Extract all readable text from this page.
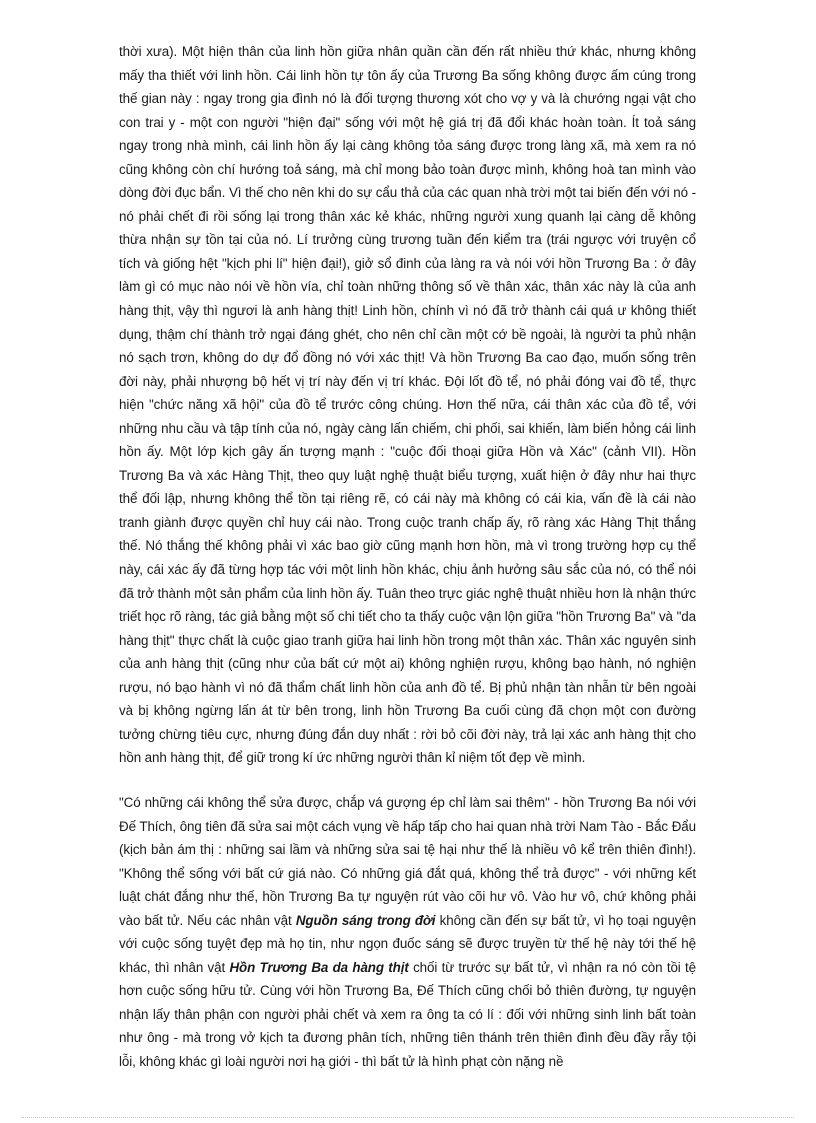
thời xưa). Một hiện thân của linh hồn giữa nhân quần cần đến rất nhiều thứ khác, nhưng không mấy tha thiết với linh hồn. Cái linh hồn tự tôn ấy của Trương Ba sống không được ấm cúng trong thế gian này : ngay trong gia đình nó là đối tượng thương xót cho vợ y và là chướng ngại vật cho con trai y - một con người "hiện đại" sống với một hệ giá trị đã đổi khác hoàn toàn. Ít toả sáng ngay trong nhà mình, cái linh hồn ấy lại càng không tỏa sáng được trong làng xã, mà xem ra nó cũng không còn chí hướng toả sáng, mà chỉ mong bảo toàn được mình, không hoà tan mình vào dòng đời đục bẩn. Vì thế cho nên khi do sự cẩu thả của các quan nhà trời một tai biến đến với nó - nó phải chết đi rồi sống lại trong thân xác kẻ khác, những người xung quanh lại càng dễ không thừa nhận sự tồn tại của nó. Lí trưởng cùng trương tuần đến kiểm tra (trái ngược với truyện cổ tích và giống hệt "kịch phi lí" hiện đại!), giở sổ đinh của làng ra và nói với hồn Trương Ba : ở đây làm gì có mục nào nói về hồn vía, chỉ toàn những thông số về thân xác, thân xác này là của anh hàng thịt, vậy thì ngươi là anh hàng thịt! Linh hồn, chính vì nó đã trở thành cái quá ư không thiết dụng, thậm chí thành trở ngại đáng ghét, cho nên chỉ cần một cớ bề ngoài, là người ta phủ nhận nó sạch trơn, không do dự đổ đồng nó với xác thịt! Và hồn Trương Ba cao đạo, muốn sống trên đời này, phải nhượng bộ hết vị trí này đến vị trí khác. Đội lốt đồ tể, nó phải đóng vai đồ tể, thực hiện "chức năng xã hội" của đồ tể trước công chúng. Hơn thế nữa, cái thân xác của đồ tể, với những nhu cầu và tập tính của nó, ngày càng lấn chiếm, chi phối, sai khiến, làm biến hỏng cái linh hồn ấy. Một lớp kịch gây ấn tượng mạnh : "cuộc đối thoại giữa Hồn và Xác" (cảnh VII). Hồn Trương Ba và xác Hàng Thịt, theo quy luật nghệ thuật biểu tượng, xuất hiện ở đây như hai thực thể đối lập, nhưng không thể tồn tại riêng rẽ, có cái này mà không có cái kia, vấn đề là cái nào tranh giành được quyền chỉ huy cái nào. Trong cuộc tranh chấp ấy, rõ ràng xác Hàng Thịt thắng thế. Nó thắng thế không phải vì xác bao giờ cũng mạnh hơn hồn, mà vì trong trường hợp cụ thể này, cái xác ấy đã từng hợp tác với một linh hồn khác, chịu ảnh hưởng sâu sắc của nó, có thể nói đã trở thành một sản phẩm của linh hồn ấy. Tuân theo trực giác nghệ thuật nhiều hơn là nhận thức triết học rõ ràng, tác giả bằng một số chi tiết cho ta thấy cuộc vận lộn giữa "hồn Trương Ba" và "da hàng thịt" thực chất là cuộc giao tranh giữa hai linh hồn trong một thân xác. Thân xác nguyên sinh của anh hàng thịt (cũng như của bất cứ một ai) không nghiện rượu, không bạo hành, nó nghiện rượu, nó bạo hành vì nó đã thẩm chất linh hồn của anh đồ tể. Bị phủ nhận tàn nhẫn từ bên ngoài và bị không ngừng lấn át từ bên trong, linh hồn Trương Ba cuối cùng đã chọn một con đường tưởng chừng tiêu cực, nhưng đúng đắn duy nhất : rời bỏ cõi đời này, trả lại xác anh hàng thịt cho hồn anh hàng thịt, để giữ trong kí ức những người thân kỉ niệm tốt đẹp về mình.

"Có những cái không thể sửa được, chắp vá gượng ép chỉ làm sai thêm" - hồn Trương Ba nói với Đế Thích, ông tiên đã sửa sai một cách vụng về hấp tấp cho hai quan nhà trời Nam Tào - Bắc Đẩu (kịch bản ám thị : những sai lầm và những sửa sai tệ hại như thế là nhiều vô kể trên thiên đình!). "Không thể sống với bất cứ giá nào. Có những giá đắt quá, không thể trả được" - với những kết luật chát đắng như thế, hồn Trương Ba tự nguyện rút vào cõi hư vô. Vào hư vô, chứ không phải vào bất tử. Nếu các nhân vật Nguồn sáng trong đời không cần đến sự bất tử, vì họ toại nguyện với cuộc sống tuyệt đẹp mà họ tin, như ngọn đuốc sáng sẽ được truyền từ thế hệ này tới thế hệ khác, thì nhân vật Hồn Trương Ba da hàng thịt chối từ trước sự bất tử, vì nhận ra nó còn tồi tệ hơn cuộc sống hữu tử. Cùng với hồn Trương Ba, Đế Thích cũng chối bỏ thiên đường, tự nguyện nhận lấy thân phận con người phải chết và xem ra ông ta có lí : đối với những sinh linh bất toàn như ông - mà trong vở kịch ta đương phân tích, những tiên thánh trên thiên đình đều đầy rẫy tội lỗi, không khác gì loài người nơi hạ giới - thì bất tử là hình phạt còn nặng nề
